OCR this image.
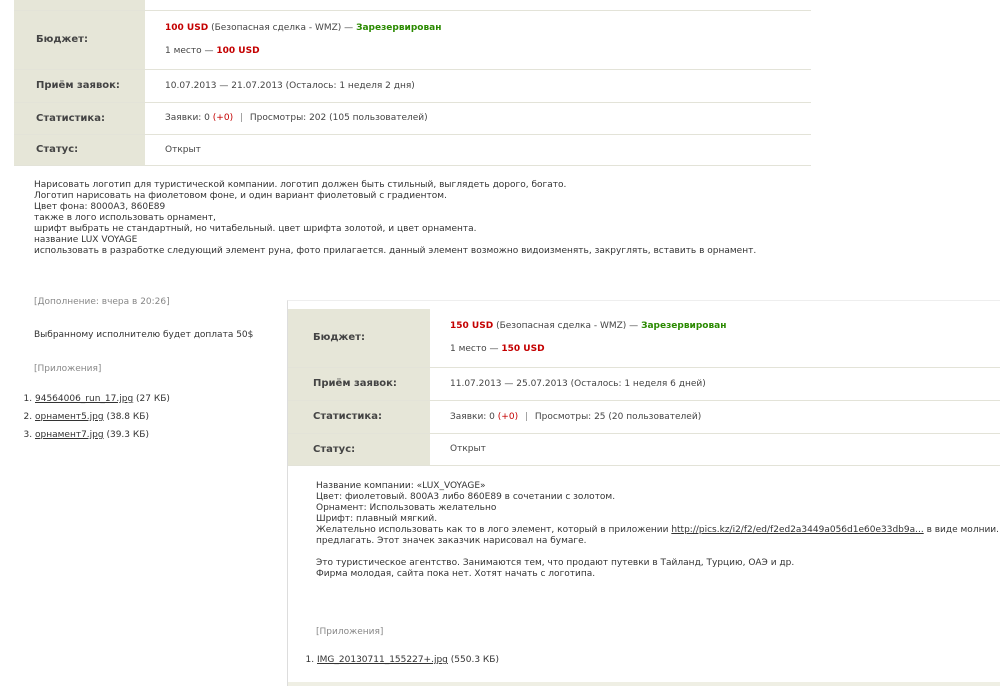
Бюджет:	100 USD (Безопасная сделка - WMZ) — Зарезервирован
1 место — 100 USD

Приём заявок:	10.07.2013 — 21.07.2013 (Осталось: 1 неделя 2 дня)
Статистика:	Заявки: 0 (+0) | Просмотры: 202 (105 пользователей)
Статус:	Открыт
Нарисовать логотип для туристической компании. логотип должен быть стильный, выглядеть дорого, богато.
Логотип нарисовать на фиолетовом фоне, и один вариант фиолетовый с градиентом.
Цвет фона: 8000A3, 860E89
также в лого использовать орнамент,
шрифт выбрать не стандартный, но читабельный. цвет шрифта золотой, и цвет орнамента.
название LUX VOYAGE
использовать в разработке следующий элемент руна, фото прилагается. данный элемент возможно видоизменять, закруглять, вставить в орнамент.
[Дополнение: вчера в 20:26]
Выбранному исполнителю будет доплата 50$
[Приложения]
1. 94564006_run_17.jpg (27 КБ)
2. орнамент5.jpg (38.8 КБ)
3. орнамент7.jpg (39.3 КБ)
Бюджет:	150 USD (Безопасная сделка - WMZ) — Зарезервирован
1 место — 150 USD

Приём заявок:	11.07.2013 — 25.07.2013 (Осталось: 1 неделя 6 дней)
Статистика:	Заявки: 0 (+0) | Просмотры: 25 (20 пользователей)
Статус:	Открыт
Название компании: «LUX_VOYAGE»
Цвет: фиолетовый. 800A3 либо 860E89 в сочетании с золотом.
Орнамент: Использовать желательно
Шрифт: плавный мягкий.
Желательно использовать как то в лого элемент, который в приложении http://pics.kz/i2/f2/ed/f2ed2a3449a056d1e60e33db9a... в виде молнии.
предлагать. Этот значек заказчик нарисовал на бумаге.
Это туристическое агентство. Занимаются тем, что продают путевки в Тайланд, Турцию, ОАЭ и др.
Фирма молодая, сайта пока нет. Хотят начать с логотипа.
[Приложения]
1. IMG_20130711_155227+.jpg (550.3 КБ)
